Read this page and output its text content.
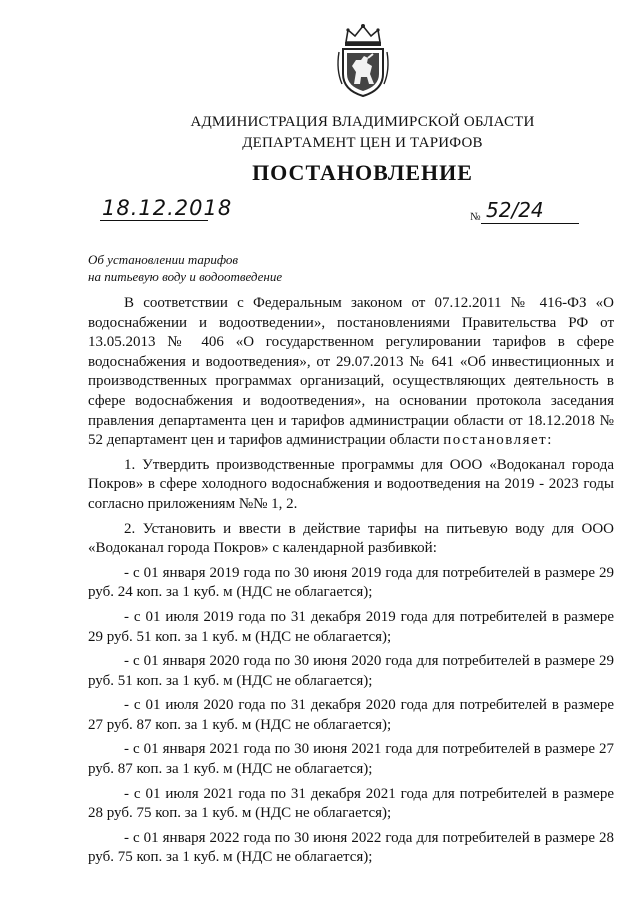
АДМИНИСТРАЦИЯ ВЛАДИМИРСКОЙ ОБЛАСТИ
ДЕПАРТАМЕНТ ЦЕН И ТАРИФОВ
ПОСТАНОВЛЕНИЕ
18.12.2018	№ 52/24
Об установлении тарифов
на питьевую воду и водоотведение

В соответствии с Федеральным законом от 07.12.2011 № 416-ФЗ «О водоснабжении и водоотведении», постановлениями Правительства РФ от 13.05.2013 № 406 «О государственном регулировании тарифов в сфере водоснабжения и водоотведения», от 29.07.2013 № 641 «Об инвестиционных и производственных программах организаций, осуществляющих деятельность в сфере водоснабжения и водоотведения», на основании протокола заседания правления департамента цен и тарифов администрации области от 18.12.2018 № 52 департамент цен и тарифов администрации области постановляет:

1. Утвердить производственные программы для ООО «Водоканал города Покров» в сфере холодного водоснабжения и водоотведения на 2019 - 2023 годы согласно приложениям №№ 1, 2.

2. Установить и ввести в действие тарифы на питьевую воду для ООО «Водоканал города Покров» с календарной разбивкой:

- с 01 января 2019 года по 30 июня 2019 года для потребителей в размере 29 руб. 24 коп. за 1 куб. м (НДС не облагается);

- с 01 июля 2019 года по 31 декабря 2019 года для потребителей в размере 29 руб. 51 коп. за 1 куб. м (НДС не облагается);

- с 01 января 2020 года по 30 июня 2020 года для потребителей в размере 29 руб. 51 коп. за 1 куб. м (НДС не облагается);

- с 01 июля 2020 года по 31 декабря 2020 года для потребителей в размере 27 руб. 87 коп. за 1 куб. м (НДС не облагается);

- с 01 января 2021 года по 30 июня 2021 года для потребителей в размере 27 руб. 87 коп. за 1 куб. м (НДС не облагается);

- с 01 июля 2021 года по 31 декабря 2021 года для потребителей в размере 28 руб. 75 коп. за 1 куб. м (НДС не облагается);

- с 01 января 2022 года по 30 июня 2022 года для потребителей в размере 28 руб. 75 коп. за 1 куб. м (НДС не облагается);
